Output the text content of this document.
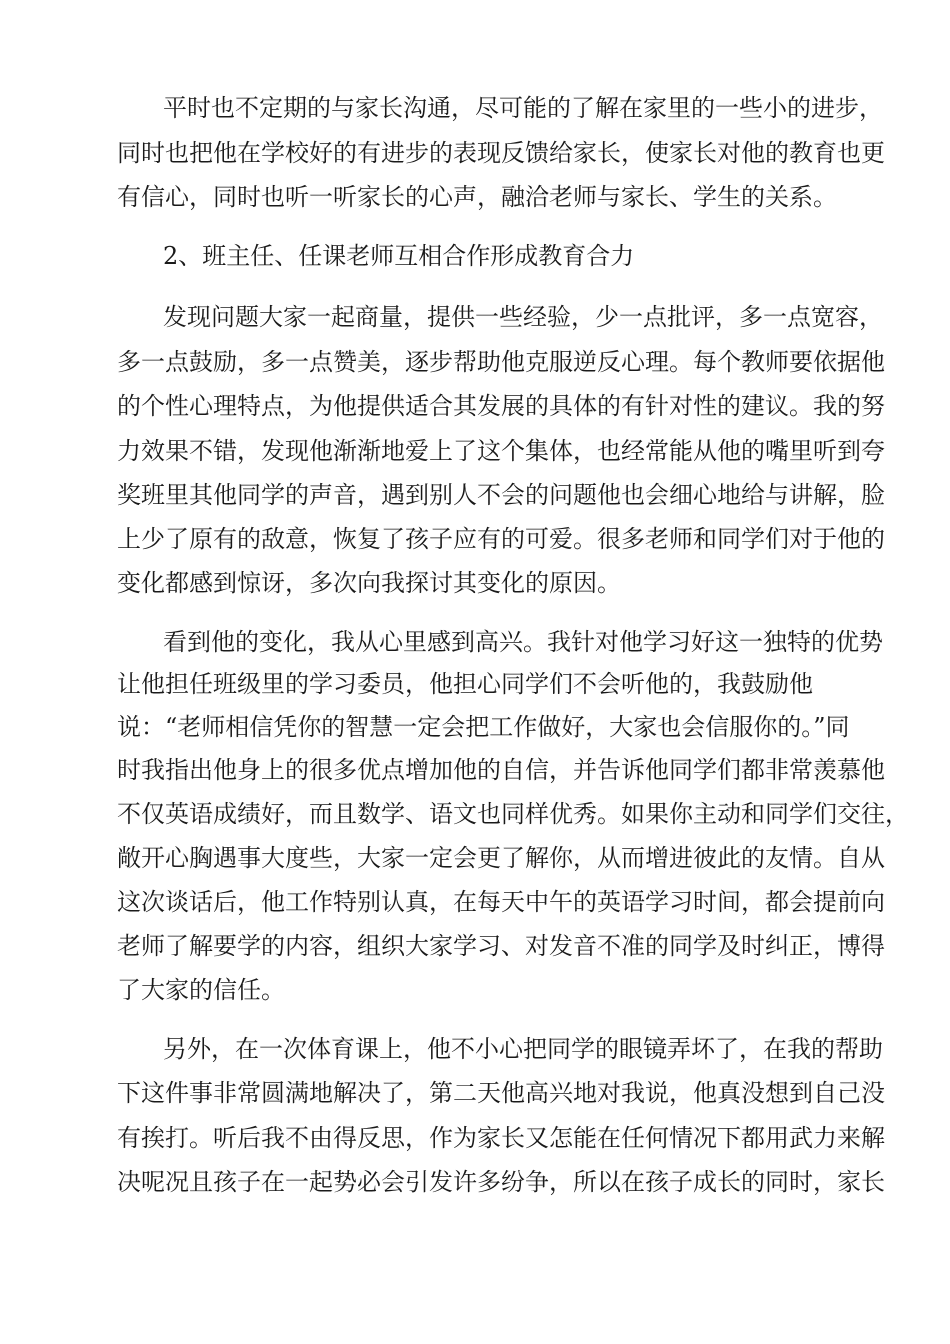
平时也不定期的与家长沟通，尽可能的了解在家里的一些小的进步，

同时也把他在学校好的有进步的表现反馈给家长，使家长对他的教育也更

有信心，同时也听一听家长的心声，融洽老师与家长、学生的关系。

2、班主任、任课老师互相合作形成教育合力

发现问题大家一起商量，提供一些经验，少一点批评，多一点宽容，

多一点鼓励，多一点赞美，逐步帮助他克服逆反心理。每个教师要依据他

的个性心理特点，为他提供适合其发展的具体的有针对性的建议。我的努

力效果不错，发现他渐渐地爱上了这个集体，也经常能从他的嘴里听到夸

奖班里其他同学的声音，遇到别人不会的问题他也会细心地给与讲解，脸

上少了原有的敌意，恢复了孩子应有的可爱。很多老师和同学们对于他的

变化都感到惊讶，多次向我探讨其变化的原因。

看到他的变化，我从心里感到高兴。我针对他学习好这一独特的优势

让他担任班级里的学习委员，他担心同学们不会听他的，我鼓励他

说：“老师相信凭你的智慧一定会把工作做好，大家也会信服你的。”同

时我指出他身上的很多优点增加他的自信，并告诉他同学们都非常羡慕他

不仅英语成绩好，而且数学、语文也同样优秀。如果你主动和同学们交往，

敞开心胸遇事大度些，大家一定会更了解你，从而增进彼此的友情。自从

这次谈话后，他工作特别认真，在每天中午的英语学习时间，都会提前向

老师了解要学的内容，组织大家学习、对发音不准的同学及时纠正，博得

了大家的信任。

另外，在一次体育课上，他不小心把同学的眼镜弄坏了，在我的帮助

下这件事非常圆满地解决了，第二天他高兴地对我说，他真没想到自己没

有挨打。听后我不由得反思，作为家长又怎能在任何情况下都用武力来解

决呢况且孩子在一起势必会引发许多纷争，所以在孩子成长的同时，家长
